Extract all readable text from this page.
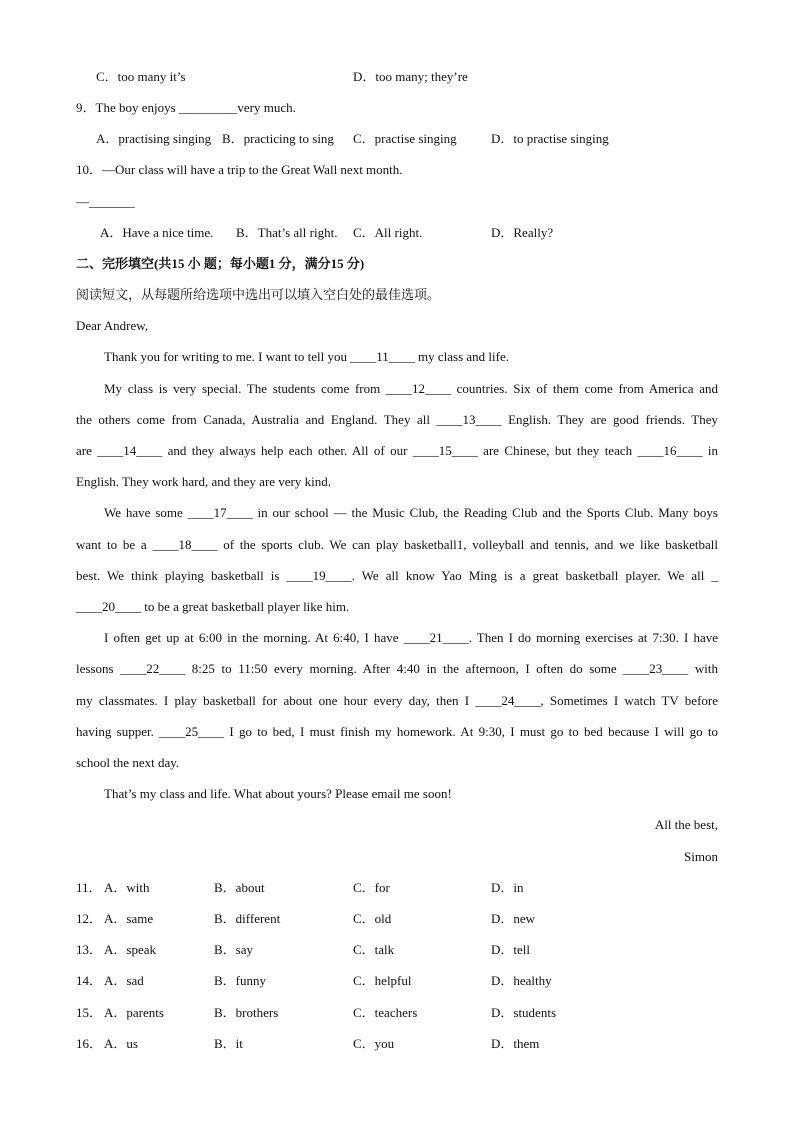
C．too many it’s	D．too many; they’re
9．The boy enjoys _________very much.
A．practising singing B．practicing to sing C．practise singing	D．to practise singing
10．—Our class will have a trip to the Great Wall next month.
—_______
A．Have a nice time. B．That’s all right. C．All right.	D．Really?
二、完形填空(共15 小 题；每小题1 分，满分15 分)
阅读短文，从每题所给选项中选出可以填入空白处的最佳选项。
Dear Andrew,
Thank you for writing to me. I want to tell you ____11____ my class and life.
My class is very special. The students come from ____12____ countries. Six of them come from America and
the others come from Canada, Australia and England. They all ____13____ English. They are good friends. They
are ____14____ and they always help each other. All of our ____15____ are Chinese, but they teach ____16____ in
English. They work hard, and they are very kind.
We have some ____17____ in our school — the Music Club, the Reading Club and the Sports Club. Many boys
want to be a ____18____ of the sports club. We can play basketball1, volleyball and tennis, and we like basketball
best. We think playing basketball is ____19____. We all know Yao Ming is a great basketball player. We all _
____20____ to be a great basketball player like him.
I often get up at 6:00 in the morning. At 6:40, I have ____21____. Then I do morning exercises at 7:30. I have
lessons ____22____ 8:25 to 11:50 every morning. After 4:40 in the afternoon, I often do some ____23____ with
my classmates. I play basketball for about one hour every day, then I ____24____, Sometimes I watch TV before
having supper. ____25____ I go to bed, I must finish my homework. At 9:30, I must go to bed because I will go to
school the next day.
That’s my class and life. What about yours? Please email me soon!
All the best,
Simon
11． A．with	B．about	C．for	D．in
12． A．same	B．different	C．old	D．new
13． A．speak	B．say	C．talk	D．tell
14． A．sad	B．funny	C．helpful	D．healthy
15． A．parents	B．brothers	C．teachers	D．students
16． A．us	B．it	C．you	D．them
